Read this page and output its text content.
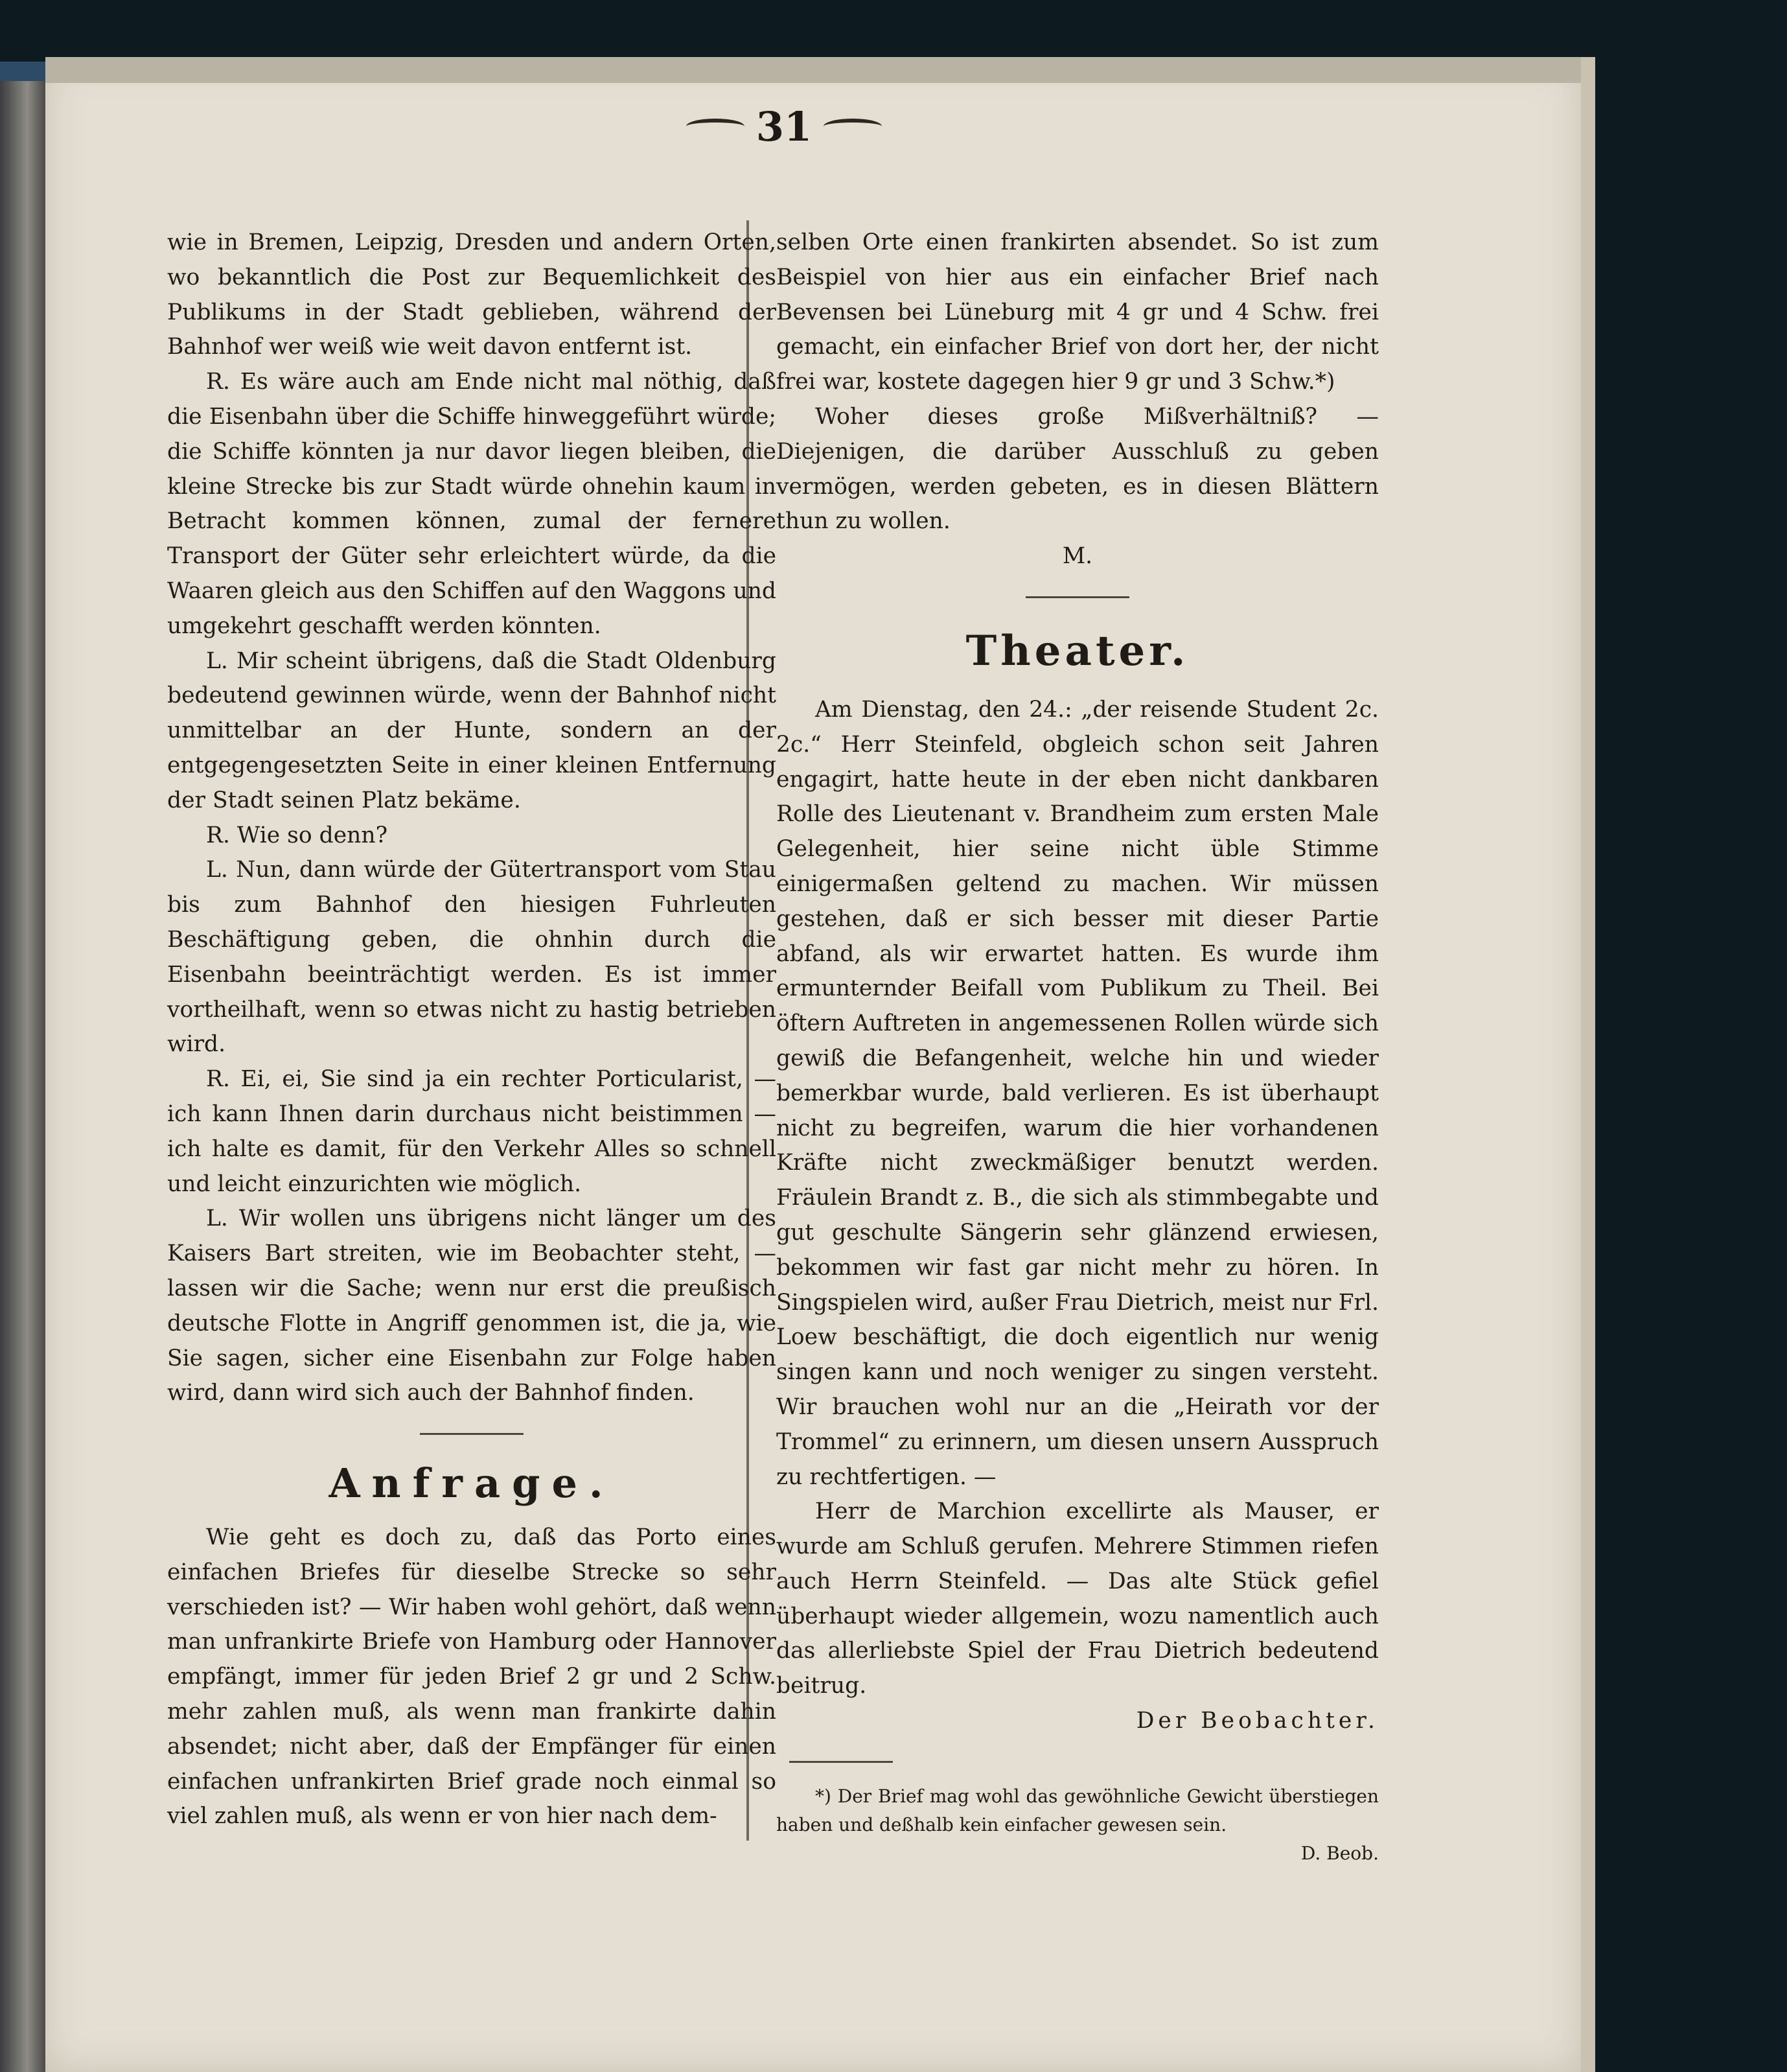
31

wie in Bremen, Leipzig, Dresden und andern Orten, wo bekanntlich die Post zur Bequemlichkeit des Publikums in der Stadt geblieben, während der Bahnhof wer weiß wie weit davon entfernt ist.

R. Es wäre auch am Ende nicht mal nöthig, daß die Eisenbahn über die Schiffe hinweggeführt würde; die Schiffe könnten ja nur davor liegen bleiben, die kleine Strecke bis zur Stadt würde ohnehin kaum in Betracht kommen können, zumal der fernere Transport der Güter sehr erleichtert würde, da die Waaren gleich aus den Schiffen auf den Waggons und umgekehrt geschafft werden könnten.

L. Mir scheint übrigens, daß die Stadt Oldenburg bedeutend gewinnen würde, wenn der Bahnhof nicht unmittelbar an der Hunte, sondern an der entgegengesetzten Seite in einer kleinen Entfernung der Stadt seinen Platz bekäme.

R. Wie so denn?

L. Nun, dann würde der Gütertransport vom Stau bis zum Bahnhof den hiesigen Fuhrleuten Beschäftigung geben, die ohnhin durch die Eisenbahn beeinträchtigt werden. Es ist immer vortheilhaft, wenn so etwas nicht zu hastig betrieben wird.

R. Ei, ei, Sie sind ja ein rechter Porticularist, — ich kann Ihnen darin durchaus nicht beistimmen — ich halte es damit, für den Verkehr Alles so schnell und leicht einzurichten wie möglich.

L. Wir wollen uns übrigens nicht länger um des Kaisers Bart streiten, wie im Beobachter steht, — lassen wir die Sache; wenn nur erst die preußisch deutsche Flotte in Angriff genommen ist, die ja, wie Sie sagen, sicher eine Eisenbahn zur Folge haben wird, dann wird sich auch der Bahnhof finden.

Anfrage.

Wie geht es doch zu, daß das Porto eines einfachen Briefes für dieselbe Strecke so sehr verschieden ist? — Wir haben wohl gehört, daß wenn man unfrankirte Briefe von Hamburg oder Hannover empfängt, immer für jeden Brief 2 gr und 2 Schw. mehr zahlen muß, als wenn man frankirte dahin absendet; nicht aber, daß der Empfänger für einen einfachen unfrankirten Brief grade noch einmal so viel zahlen muß, als wenn er von hier nach dem-

selben Orte einen frankirten absendet. So ist zum Beispiel von hier aus ein einfacher Brief nach Bevensen bei Lüneburg mit 4 gr und 4 Schw. frei gemacht, ein einfacher Brief von dort her, der nicht frei war, kostete dagegen hier 9 gr und 3 Schw.*)

Woher dieses große Mißverhältniß? — Diejenigen, die darüber Ausschluß zu geben vermögen, werden gebeten, es in diesen Blättern thun zu wollen.

M.

Theater.

Am Dienstag, den 24.: „der reisende Student 2c. 2c.“ Herr Steinfeld, obgleich schon seit Jahren engagirt, hatte heute in der eben nicht dankbaren Rolle des Lieutenant v. Brandheim zum ersten Male Gelegenheit, hier seine nicht üble Stimme einigermaßen geltend zu machen. Wir müssen gestehen, daß er sich besser mit dieser Partie abfand, als wir erwartet hatten. Es wurde ihm ermunternder Beifall vom Publikum zu Theil. Bei öftern Auftreten in angemessenen Rollen würde sich gewiß die Befangenheit, welche hin und wieder bemerkbar wurde, bald verlieren. Es ist überhaupt nicht zu begreifen, warum die hier vorhandenen Kräfte nicht zweckmäßiger benutzt werden. Fräulein Brandt z. B., die sich als stimmbegabte und gut geschulte Sängerin sehr glänzend erwiesen, bekommen wir fast gar nicht mehr zu hören. In Singspielen wird, außer Frau Dietrich, meist nur Frl. Loew beschäftigt, die doch eigentlich nur wenig singen kann und noch weniger zu singen versteht. Wir brauchen wohl nur an die „Heirath vor der Trommel“ zu erinnern, um diesen unsern Ausspruch zu rechtfertigen. —

Herr de Marchion excellirte als Mauser, er wurde am Schluß gerufen. Mehrere Stimmen riefen auch Herrn Steinfeld. — Das alte Stück gefiel überhaupt wieder allgemein, wozu namentlich auch das allerliebste Spiel der Frau Dietrich bedeutend beitrug.

Der Beobachter.

*) Der Brief mag wohl das gewöhnliche Gewicht überstiegen haben und deßhalb kein einfacher gewesen sein.

D. Beob.
